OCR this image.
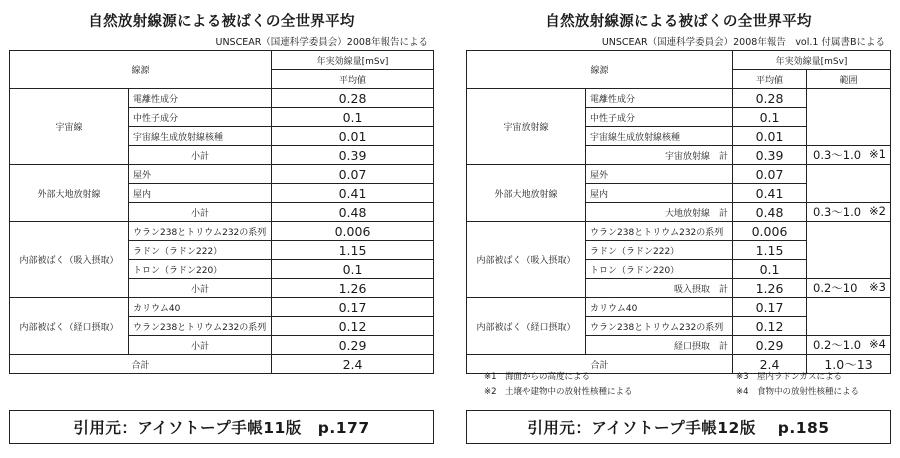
自然放射線源による被ばくの全世界平均
UNSCEAR（国連科学委員会）2008年報告による
線源		年実効線量[mSv]
		平均値
宇宙線	電離性成分	0.28
	中性子成分	0.1
	宇宙線生成放射線核種	0.01
	小計	0.39
外部大地放射線	屋外	0.07
	屋内	0.41
	小計	0.48
内部被ばく（吸入摂取）	ウラン238とトリウム232の系列	0.006
	ラドン（ラドン222）	1.15
	トロン（ラドン220）	0.1
	小計	1.26
内部被ばく（経口摂取）	カリウム40	0.17
	ウラン238とトリウム232の系列	0.12
	小計	0.29
合計		2.4
引用元：アイソトープ手帳11版　p.177
自然放射線源による被ばくの全世界平均
UNSCEAR（国連科学委員会）2008年報告　vol.1 付属書Bによる
線源		年実効線量[mSv]	
		平均値	範囲
宇宙放射線	電離性成分	0.28	
	中性子成分	0.1	
	宇宙線生成放射線核種	0.01	
	宇宙放射線　計	0.39	0.3～1.0 ※1

外部大地放射線	屋外	0.07	
	屋内	0.41	
	大地放射線　計	0.48	0.3～1.0 ※2

内部被ばく（吸入摂取）	ウラン238とトリウム232の系列	0.006	
	ラドン（ラドン222）	1.15	
	トロン（ラドン220）	0.1	
	吸入摂取　計	1.26	0.2～10 ※3

内部被ばく（経口摂取）	カリウム40	0.17	
	ウラン238とトリウム232の系列	0.12	
	経口摂取　計	0.29	0.2～1.0 ※4

合計		2.4	1.0～13
※1　海面からの高度による
※2　土壌や建物中の放射性核種による
※3　屋内ラドンガスによる
※4　食物中の放射性核種による
引用元：アイソトープ手帳12版　 p.185
